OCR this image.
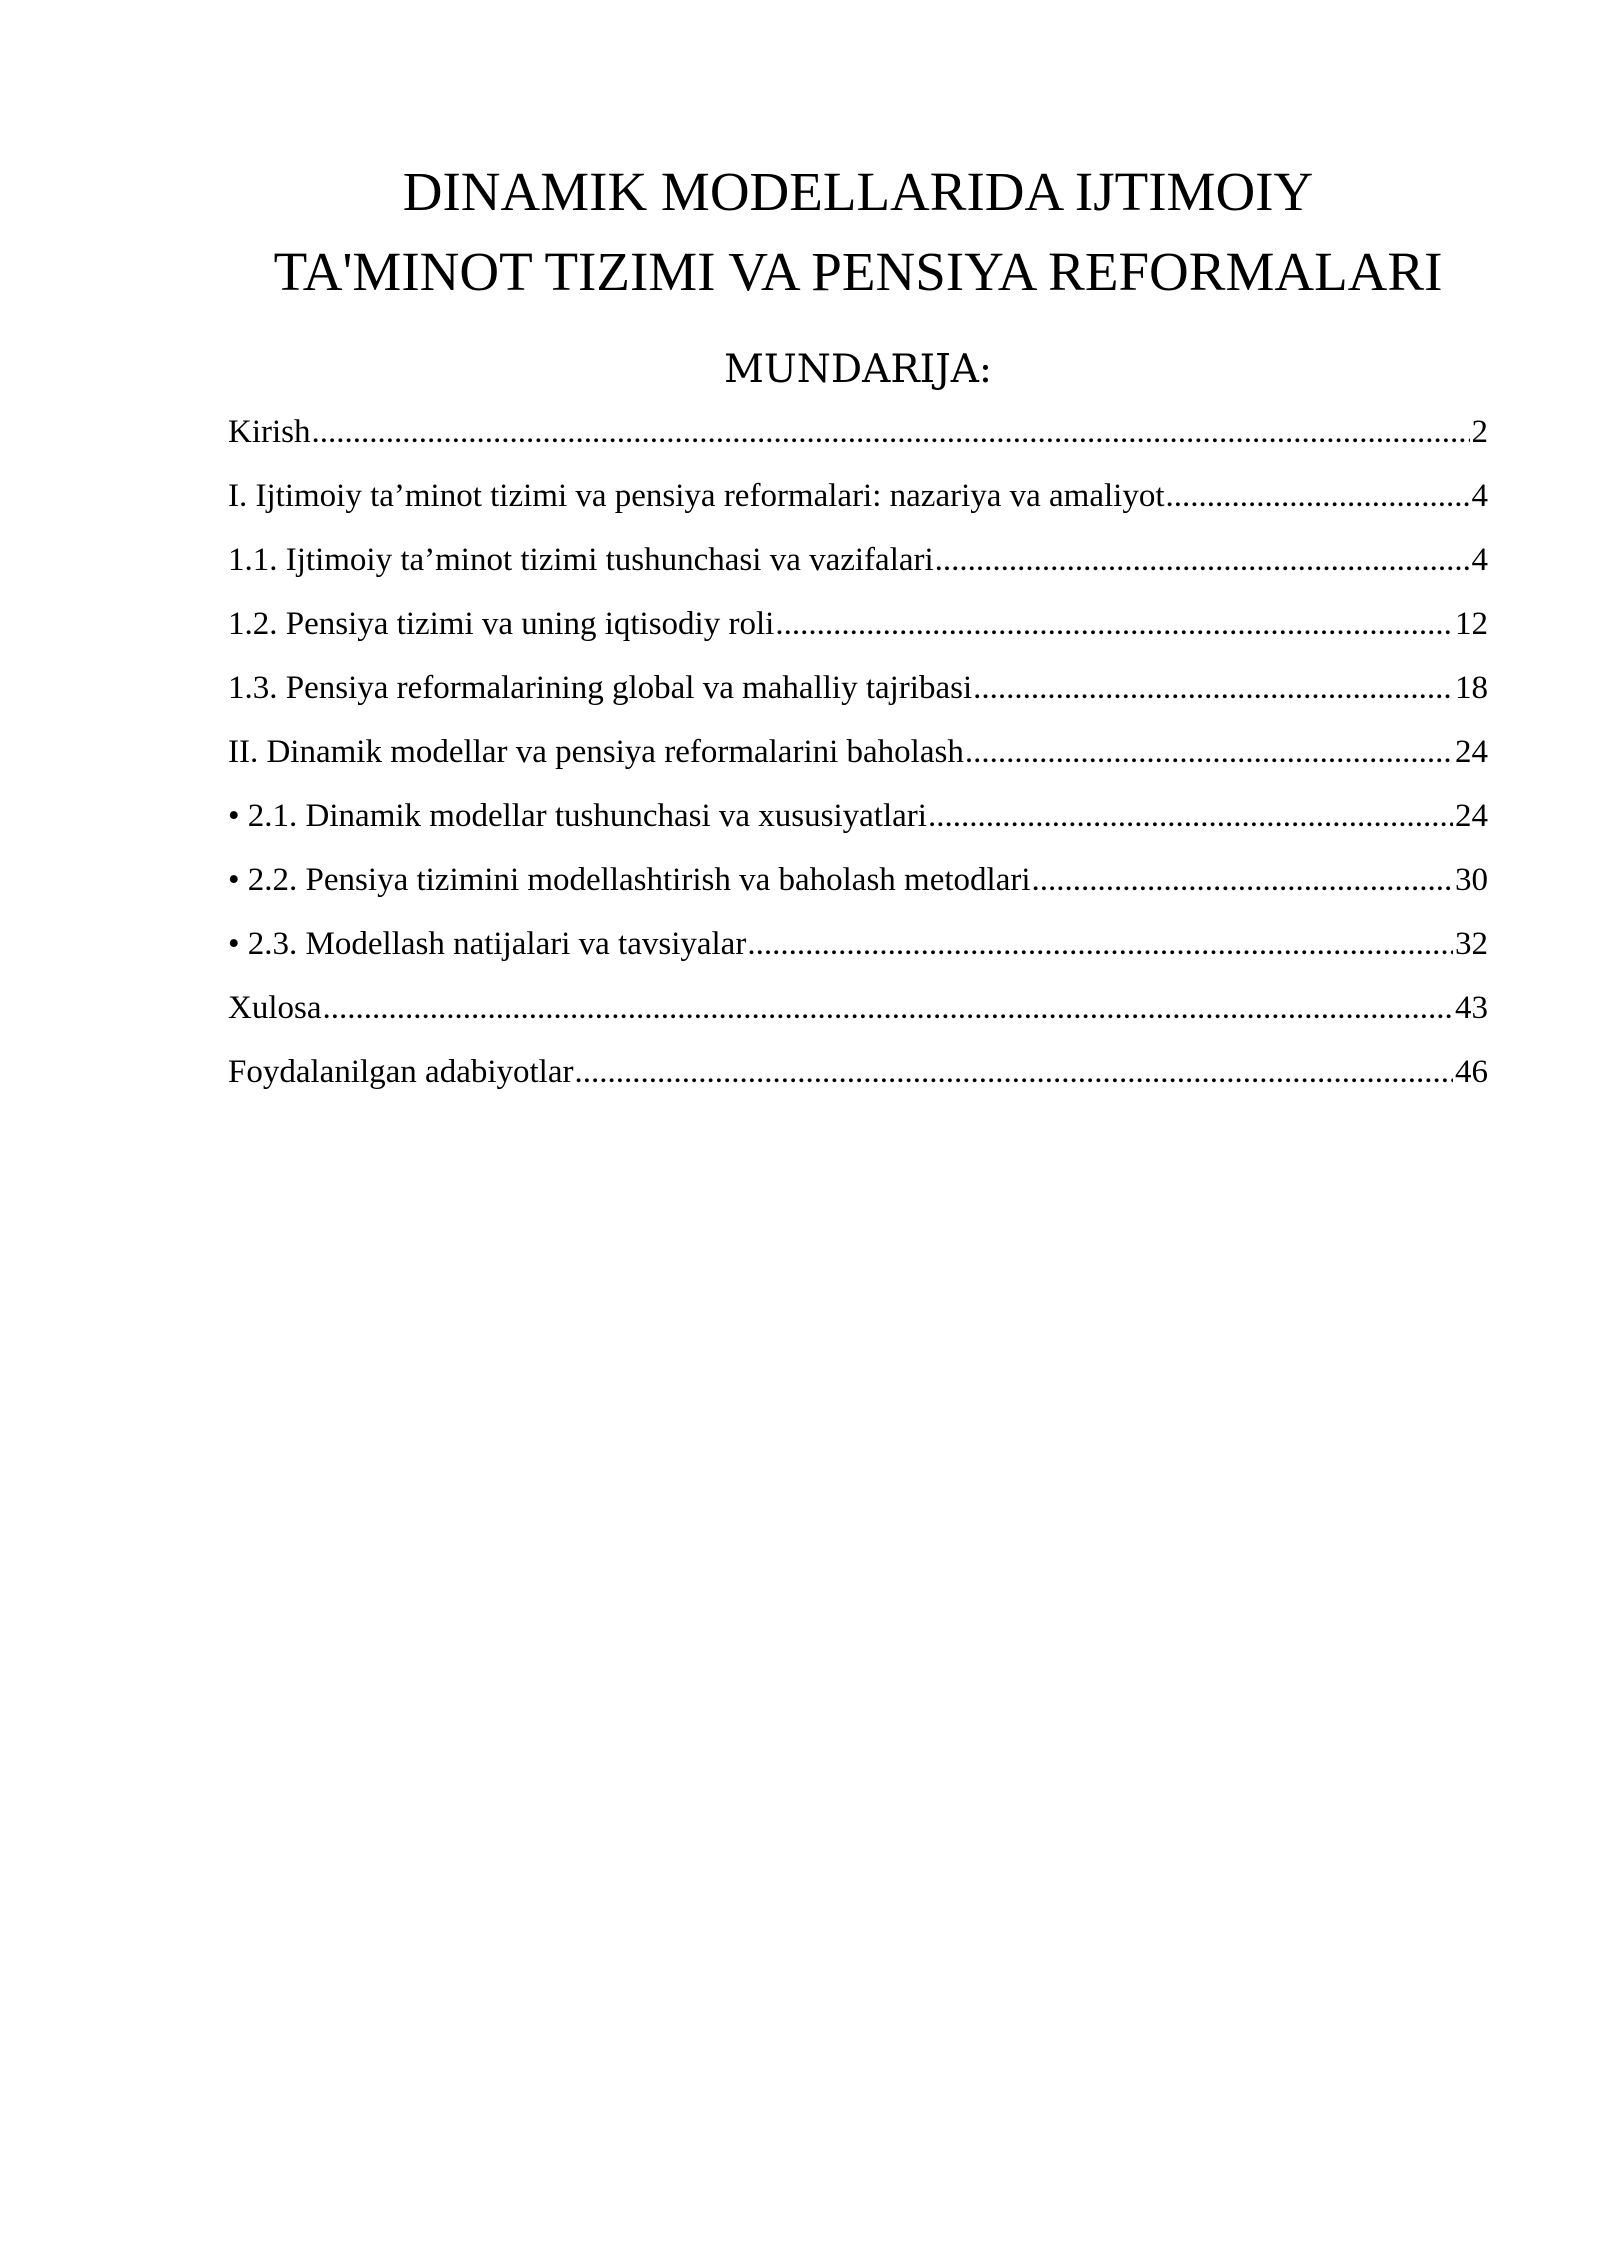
DINAMIK MODELLARIDA IJTIMOIY
TA'MINOT TIZIMI VA PENSIYA REFORMALARI
MUNDARIJA:
Kirish .....	2
I. Ijtimoiy ta’minot tizimi va pensiya reformalari: nazariya va amaliyot .....	4
1.1. Ijtimoiy ta’minot tizimi tushunchasi va vazifalari .....	4
1.2. Pensiya tizimi va uning iqtisodiy roli .....	12
1.3. Pensiya reformalarining global va mahalliy tajribasi .....	18
II. Dinamik modellar va pensiya reformalarini baholash .....	24
• 2.1. Dinamik modellar tushunchasi va xususiyatlari .....	24
• 2.2. Pensiya tizimini modellashtirish va baholash metodlari .....	30
• 2.3. Modellash natijalari va tavsiyalar .....	32
Xulosa .....	43
Foydalanilgan adabiyotlar .....	46
